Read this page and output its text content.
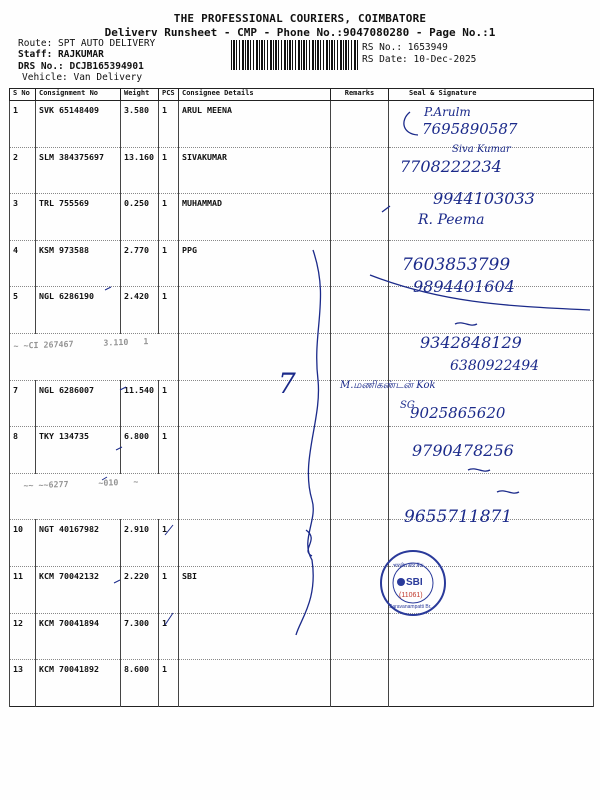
THE PROFESSIONAL COURIERS, COIMBATORE
Deliverv Runsheet - CMP - Phone No.:9047080280 - Page No.:1
Route: SPT AUTO DELIVERY
Staff: RAJKUMAR
DRS No.: DCJB165394901
Vehicle: Van Delivery
RS No.: 1653949
RS Date: 10-Dec-2025
S No	Consignment No	Weight	PCS	Consignee Details	Remarks	Seal & Signature
1	SVK 65148409	3.580	1	ARUL MEENA		
2	SLM 384375697	13.160	1	SIVAKUMAR		
3	TRL 755569	0.250	1	MUHAMMAD		
4	KSM 973588	2.770	1	PPG		
5	NGL 6286190	2.420	1			
~ ~CI 267467      3.110   1						
7	NGL 6286007	11.540	1			
8	TKY 134735	6.800	1			
~~ ~~6277      ~010   ~						
10	NGT 40167982	2.910	1			
11	KCM 70042132	2.220	1	SBI		
12	KCM 70041894	7.300	1			
13	KCM 70041892	8.600	1			
P.Arulm
7695890587
Siva Kumar
7708222234
9944103033
R. Peema
7603853799
9894401604
9342848129
6380922494
7	M.மணிகண்டன் Kok
SG
9025865620
9790478256
9655711871
SBI
(11061)
भारतीय स्टेट बैंक
Saravanampatti Br.
